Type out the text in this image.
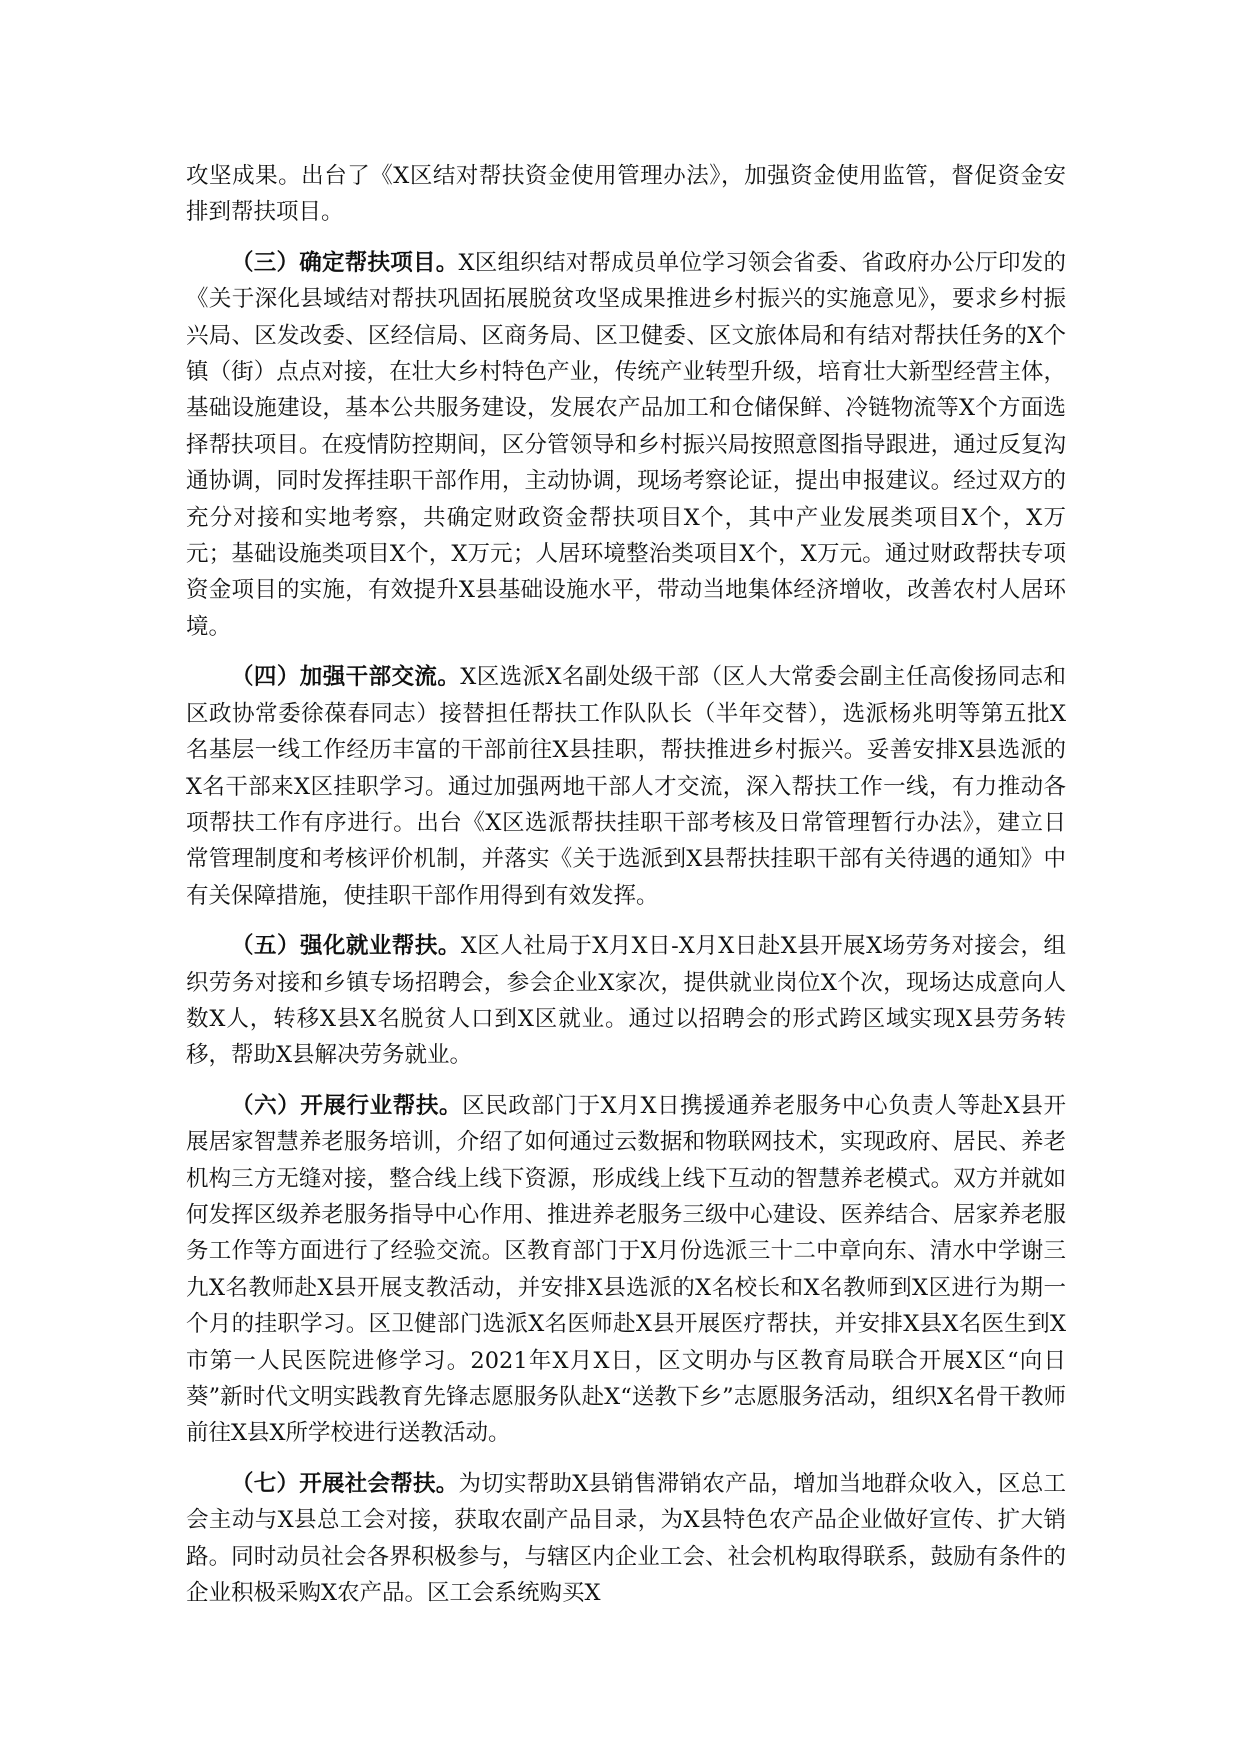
攻坚成果。出台了《X区结对帮扶资金使用管理办法》，加强资金使用监管，督促资金安排到帮扶项目。

（三）确定帮扶项目。X区组织结对帮成员单位学习领会省委、省政府办公厅印发的《关于深化县域结对帮扶巩固拓展脱贫攻坚成果推进乡村振兴的实施意见》，要求乡村振兴局、区发改委、区经信局、区商务局、区卫健委、区文旅体局和有结对帮扶任务的X个镇（街）点点对接，在壮大乡村特色产业，传统产业转型升级，培育壮大新型经营主体，基础设施建设，基本公共服务建设，发展农产品加工和仓储保鲜、冷链物流等X个方面选择帮扶项目。在疫情防控期间，区分管领导和乡村振兴局按照意图指导跟进，通过反复沟通协调，同时发挥挂职干部作用，主动协调，现场考察论证，提出申报建议。经过双方的充分对接和实地考察，共确定财政资金帮扶项目X个，其中产业发展类项目X个，X万元；基础设施类项目X个，X万元；人居环境整治类项目X个，X万元。通过财政帮扶专项资金项目的实施，有效提升X县基础设施水平，带动当地集体经济增收，改善农村人居环境。

（四）加强干部交流。X区选派X名副处级干部（区人大常委会副主任高俊扬同志和区政协常委徐葆春同志）接替担任帮扶工作队队长（半年交替），选派杨兆明等第五批X名基层一线工作经历丰富的干部前往X县挂职，帮扶推进乡村振兴。妥善安排X县选派的X名干部来X区挂职学习。通过加强两地干部人才交流，深入帮扶工作一线，有力推动各项帮扶工作有序进行。出台《X区选派帮扶挂职干部考核及日常管理暂行办法》，建立日常管理制度和考核评价机制，并落实《关于选派到X县帮扶挂职干部有关待遇的通知》中有关保障措施，使挂职干部作用得到有效发挥。

（五）强化就业帮扶。X区人社局于X月X日-X月X日赴X县开展X场劳务对接会，组织劳务对接和乡镇专场招聘会，参会企业X家次，提供就业岗位X个次，现场达成意向人数X人，转移X县X名脱贫人口到X区就业。通过以招聘会的形式跨区域实现X县劳务转移，帮助X县解决劳务就业。

（六）开展行业帮扶。区民政部门于X月X日携援通养老服务中心负责人等赴X县开展居家智慧养老服务培训，介绍了如何通过云数据和物联网技术，实现政府、居民、养老机构三方无缝对接，整合线上线下资源，形成线上线下互动的智慧养老模式。双方并就如何发挥区级养老服务指导中心作用、推进养老服务三级中心建设、医养结合、居家养老服务工作等方面进行了经验交流。区教育部门于X月份选派三十二中章向东、清水中学谢三九X名教师赴X县开展支教活动，并安排X县选派的X名校长和X名教师到X区进行为期一个月的挂职学习。区卫健部门选派X名医师赴X县开展医疗帮扶，并安排X县X名医生到X市第一人民医院进修学习。2021年X月X日，区文明办与区教育局联合开展X区“向日葵”新时代文明实践教育先锋志愿服务队赴X“送教下乡”志愿服务活动，组织X名骨干教师前往X县X所学校进行送教活动。

（七）开展社会帮扶。为切实帮助X县销售滞销农产品，增加当地群众收入，区总工会主动与X县总工会对接，获取农副产品目录，为X县特色农产品企业做好宣传、扩大销路。同时动员社会各界积极参与，与辖区内企业工会、社会机构取得联系，鼓励有条件的企业积极采购X农产品。区工会系统购买X
